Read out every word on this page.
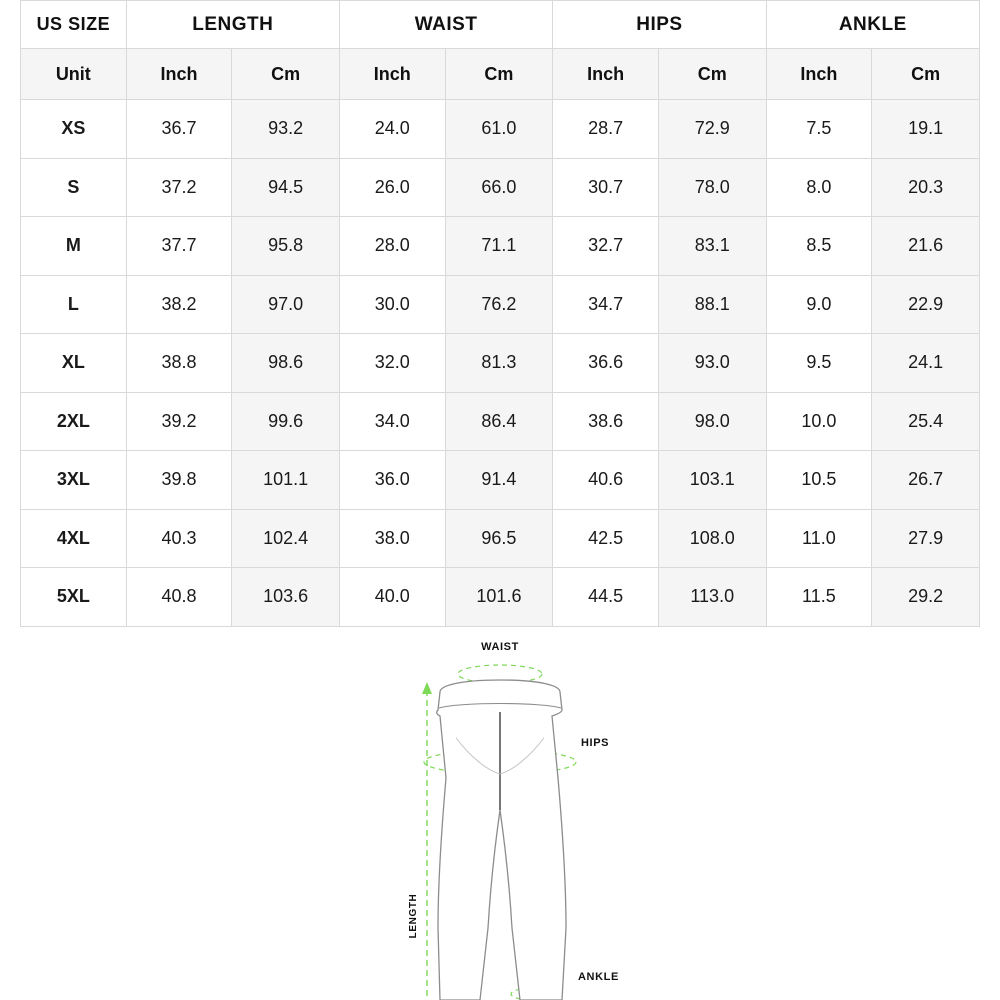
US SIZE	LENGTH		WAIST		HIPS		ANKLE	
Unit	Inch	Cm	Inch	Cm	Inch	Cm	Inch	Cm
XS	36.7	93.2	24.0	61.0	28.7	72.9	7.5	19.1
S	37.2	94.5	26.0	66.0	30.7	78.0	8.0	20.3
M	37.7	95.8	28.0	71.1	32.7	83.1	8.5	21.6
L	38.2	97.0	30.0	76.2	34.7	88.1	9.0	22.9
XL	38.8	98.6	32.0	81.3	36.6	93.0	9.5	24.1
2XL	39.2	99.6	34.0	86.4	38.6	98.0	10.0	25.4
3XL	39.8	101.1	36.0	91.4	40.6	103.1	10.5	26.7
4XL	40.3	102.4	38.0	96.5	42.5	108.0	11.0	27.9
5XL	40.8	103.6	40.0	101.6	44.5	113.0	11.5	29.2
WAIST
HIPS
LENGTH
ANKLE
